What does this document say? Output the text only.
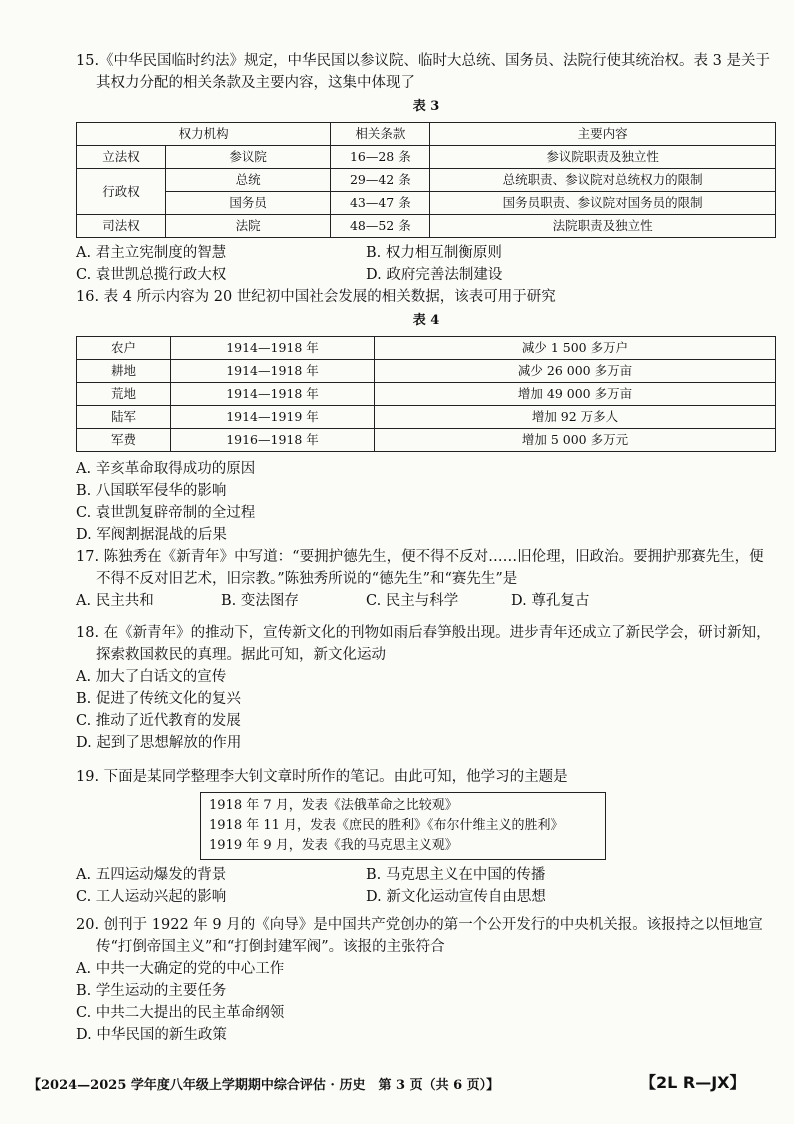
15.《中华民国临时约法》规定，中华民国以参议院、临时大总统、国务员、法院行使其统治权。表 3 是关于其权力分配的相关条款及主要内容，这集中体现了

表 3
权力机构		相关条款	主要内容
立法权	参议院	16—28 条	参议院职责及独立性
行政权	总统	29—42 条	总统职责、参议院对总统权力的限制
	国务员	43—47 条	国务员职责、参议院对国务员的限制
司法权	法院	48—52 条	法院职责及独立性

A. 君主立宪制度的智慧	B. 权力相互制衡原则

C. 袁世凯总揽行政大权	D. 政府完善法制建设

16. 表 4 所示内容为 20 世纪初中国社会发展的相关数据，该表可用于研究

表 4
农户	1914—1918 年	减少 1 500 多万户
耕地	1914—1918 年	减少 26 000 多万亩
荒地	1914—1918 年	增加 49 000 多万亩
陆军	1914—1919 年	增加 92 万多人
军费	1916—1918 年	增加 5 000 多万元

A. 辛亥革命取得成功的原因

B. 八国联军侵华的影响

C. 袁世凯复辟帝制的全过程

D. 军阀割据混战的后果

17. 陈独秀在《新青年》中写道：“要拥护德先生，便不得不反对……旧伦理，旧政治。要拥护那赛先生，便不得不反对旧艺术，旧宗教。”陈独秀所说的“德先生”和“赛先生”是

A. 民主共和	B. 变法图存	C. 民主与科学	D. 尊孔复古

18. 在《新青年》的推动下，宣传新文化的刊物如雨后春笋般出现。进步青年还成立了新民学会，研讨新知，探索救国救民的真理。据此可知，新文化运动

A. 加大了白话文的宣传

B. 促进了传统文化的复兴

C. 推动了近代教育的发展

D. 起到了思想解放的作用

19. 下面是某同学整理李大钊文章时所作的笔记。由此可知，他学习的主题是

1918 年 7 月，发表《法俄革命之比较观》
1918 年 11 月，发表《庶民的胜利》《布尔什维主义的胜利》
1919 年 9 月，发表《我的马克思主义观》

A. 五四运动爆发的背景	B. 马克思主义在中国的传播

C. 工人运动兴起的影响	D. 新文化运动宣传自由思想

20. 创刊于 1922 年 9 月的《向导》是中国共产党创办的第一个公开发行的中央机关报。该报持之以恒地宣传“打倒帝国主义”和“打倒封建军阀”。该报的主张符合

A. 中共一大确定的党的中心工作

B. 学生运动的主要任务

C. 中共二大提出的民主革命纲领

D. 中华民国的新生政策

【2024—2025 学年度八年级上学期期中综合评估 · 历史　第 3 页（共 6 页）】	【2L R—JX】
